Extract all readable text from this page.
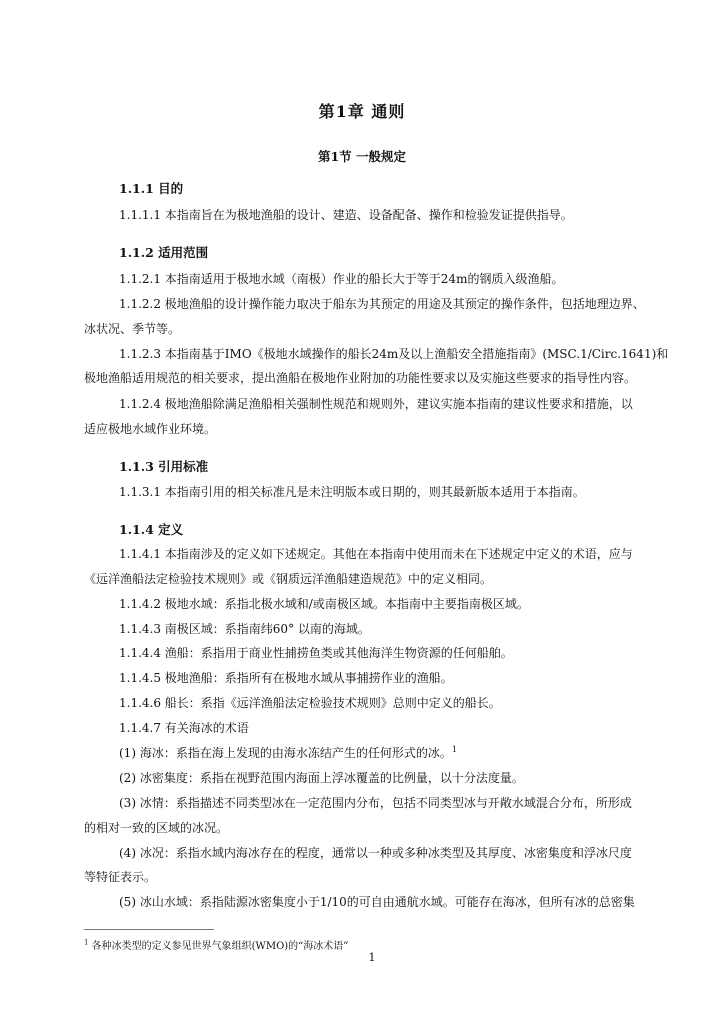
第1章 通则
第1节 一般规定
1.1.1 目的
1.1.1.1 本指南旨在为极地渔船的设计、建造、设备配备、操作和检验发证提供指导。
1.1.2 适用范围
1.1.2.1 本指南适用于极地水域（南极）作业的船长大于等于24m的钢质入级渔船。
1.1.2.2 极地渔船的设计操作能力取决于船东为其预定的用途及其预定的操作条件，包括地理边界、
冰状况、季节等。
1.1.2.3 本指南基于IMO《极地水域操作的船长24m及以上渔船安全措施指南》(MSC.1/Circ.1641)和
极地渔船适用规范的相关要求，提出渔船在极地作业附加的功能性要求以及实施这些要求的指导性内容。
1.1.2.4 极地渔船除满足渔船相关强制性规范和规则外，建议实施本指南的建议性要求和措施，以
适应极地水域作业环境。
1.1.3 引用标准
1.1.3.1 本指南引用的相关标准凡是未注明版本或日期的，则其最新版本适用于本指南。
1.1.4 定义
1.1.4.1 本指南涉及的定义如下述规定。其他在本指南中使用而未在下述规定中定义的术语，应与
《远洋渔船法定检验技术规则》或《钢质远洋渔船建造规范》中的定义相同。
1.1.4.2 极地水域：系指北极水域和/或南极区域。本指南中主要指南极区域。
1.1.4.3 南极区域：系指南纬60° 以南的海域。
1.1.4.4 渔船：系指用于商业性捕捞鱼类或其他海洋生物资源的任何船舶。
1.1.4.5 极地渔船：系指所有在极地水域从事捕捞作业的渔船。
1.1.4.6 船长：系指《远洋渔船法定检验技术规则》总则中定义的船长。
1.1.4.7 有关海冰的术语
(1) 海冰：系指在海上发现的由海水冻结产生的任何形式的冰。$^1$
(2) 冰密集度：系指在视野范围内海面上浮冰覆盖的比例量，以十分法度量。
(3) 冰情：系指描述不同类型冰在一定范围内分布，包括不同类型冰与开敞水域混合分布，所形成
的相对一致的区域的冰况。
(4) 冰况：系指水域内海冰存在的程度，通常以一种或多种冰类型及其厚度、冰密集度和浮冰尺度
等特征表示。
(5) 冰山水域：系指陆源冰密集度小于1/10的可自由通航水域。可能存在海冰，但所有冰的总密集
$^1$ 各种冰类型的定义参见世界气象组织(WMO)的“海冰术语”
1
